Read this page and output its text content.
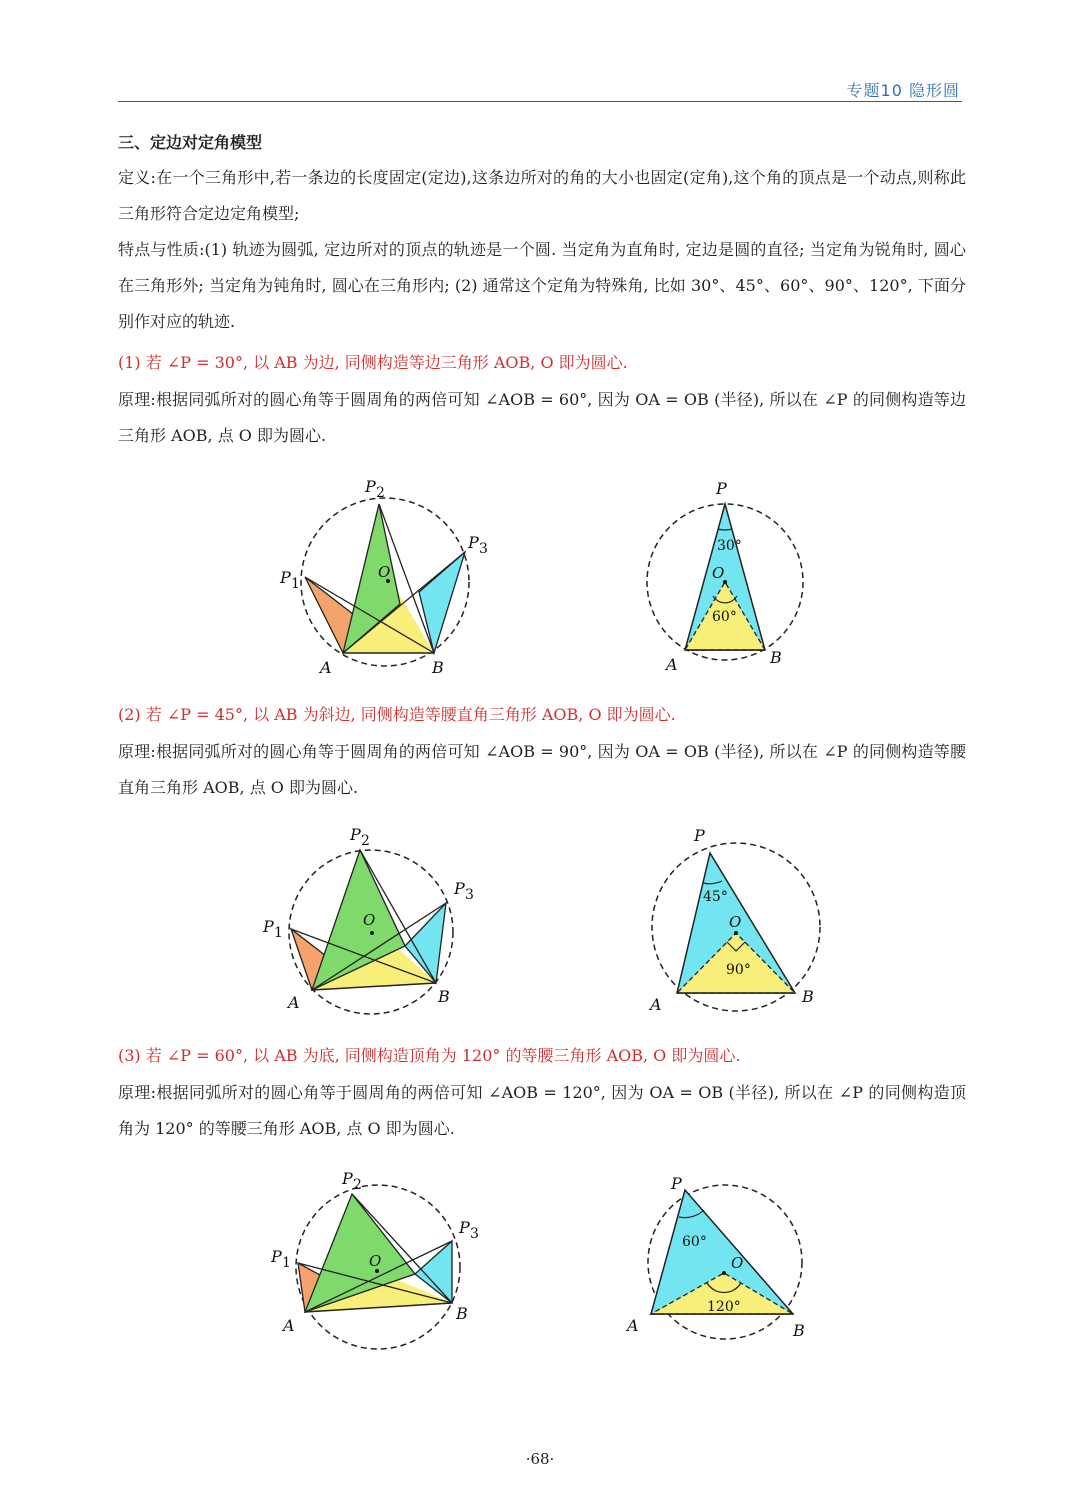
专题10 隐形圆
三、定边对定角模型
定义:在一个三角形中,若一条边的长度固定(定边),这条边所对的角的大小也固定(定角),这个角的顶点是一个动点,则称此三角形符合定边定角模型;
特点与性质:(1) 轨迹为圆弧, 定边所对的顶点的轨迹是一个圆. 当定角为直角时, 定边是圆的直径; 当定角为锐角时, 圆心在三角形外; 当定角为钝角时, 圆心在三角形内; (2) 通常这个定角为特殊角, 比如 30°、45°、60°、90°、120°, 下面分别作对应的轨迹.
(1) 若 ∠P = 30°, 以 AB 为边, 同侧构造等边三角形 AOB, O 即为圆心.
原理:根据同弧所对的圆心角等于圆周角的两倍可知 ∠AOB = 60°, 因为 OA = OB (半径), 所以在 ∠P 的同侧构造等边三角形 AOB, 点 O 即为圆心.
O
A	B
P 1
P 2
P 3
P
30°
O
60°
A	B
(2) 若 ∠P = 45°, 以 AB 为斜边, 同侧构造等腰直角三角形 AOB, O 即为圆心.
原理:根据同弧所对的圆心角等于圆周角的两倍可知 ∠AOB = 90°, 因为 OA = OB (半径), 所以在 ∠P 的同侧构造等腰直角三角形 AOB, 点 O 即为圆心.
O
A	B
P 1
P 2
P 3
P
45°
O
90°
A	B
(3) 若 ∠P = 60°, 以 AB 为底, 同侧构造顶角为 120° 的等腰三角形 AOB, O 即为圆心.
原理:根据同弧所对的圆心角等于圆周角的两倍可知 ∠AOB = 120°, 因为 OA = OB (半径), 所以在 ∠P 的同侧构造顶角为 120° 的等腰三角形 AOB, 点 O 即为圆心.
O
A
B
P 1
P 2
P 3
P
60°
O
120°
A	B
·68·
